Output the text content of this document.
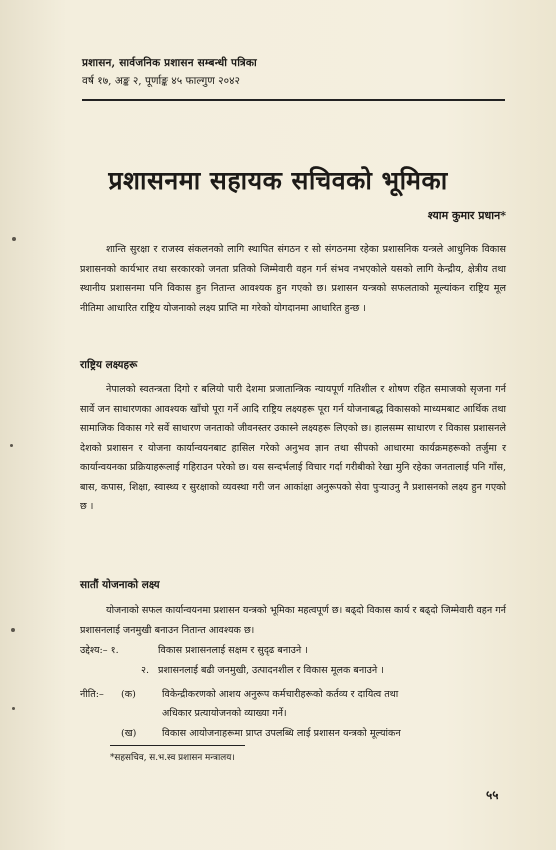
प्रशासन, सार्वजनिक प्रशासन सम्बन्धी पत्रिका
वर्ष १७, अङ्क २, पूर्णाङ्क ४५ फाल्गुण २०४२
प्रशासनमा सहायक सचिवको भूमिका
श्याम कुमार प्रधान*
शान्ति सुरक्षा र राजस्व संकलनको लागि स्थापित संगठन र सो संगठनमा रहेका प्रशासनिक यन्त्रले आधुनिक विकास प्रशासनको कार्यभार तथा सरकारको जनता प्रतिको जिम्मेवारी वहन गर्न संभव नभएकोले यसको लागि केन्द्रीय, क्षेत्रीय तथा स्थानीय प्रशासनमा पनि विकास हुन नितान्त आवश्यक हुन गएको छ। प्रशासन यन्त्रको सफलताको मूल्यांकन राष्ट्रिय मूल नीतिमा आधारित राष्ट्रिय योजनाको लक्ष्य प्राप्ति मा गरेको योगदानमा आधारित हुन्छ ।
राष्ट्रिय लक्ष्यहरू
नेपालको स्वतन्त्रता दिगो र बलियो पारी देशमा प्रजातान्त्रिक न्यायपूर्ण गतिशील र शोषण रहित समाजको सृजना गर्न सार्वे जन साधारणका आवश्यक खाँचो पूरा गर्ने आदि राष्ट्रिय लक्ष्यहरू पूरा गर्न योजनाबद्ध विकासको माध्यमबाट आर्थिक तथा सामाजिक विकास गरे सर्वे साधारण जनताको जीवनस्तर उकास्ने लक्ष्यहरू लिएको छ। हालसम्म साधारण र विकास प्रशासनले देशको प्रशासन र योजना कार्यान्वयनबाट हासिल गरेको अनुभव ज्ञान तथा सीपको आधारमा कार्यक्रमहरूको तर्जुमा र कार्यान्वयनका प्रक्रियाहरूलाई गहिराउन परेको छ। यस सन्दर्भलाई विचार गर्दा गरीबीको रेखा मुनि रहेका जनतालाई पनि गाँस, बास, कपास, शिक्षा, स्वास्थ्य र सुरक्षाको व्यवस्था गरी जन आकांक्षा अनुरूपको सेवा पुऱ्याउनु नै प्रशासनको लक्ष्य हुन गएको छ ।
सातौं योजनाको लक्ष्य
योजनाको सफल कार्यान्वयनमा प्रशासन यन्त्रको भूमिका महत्वपूर्ण छ। बढ्दो विकास कार्य र बढ्दो जिम्मेवारी वहन गर्न प्रशासनलाई जनमुखी बनाउन नितान्त आवश्यक छ।
उद्देश्य:– १.	विकास प्रशासनलाई सक्षम र सुदृढ बनाउने ।
२. प्रशासनलाई बढी जनमुखी, उत्पादनशील र विकास मूलक बनाउने ।
नीति:– (क)	विकेन्द्रीकरणको आशय अनुरूप कर्मचारीहरूको कर्तव्य र दायित्व तथा
अधिकार प्रत्यायोजनको व्याख्या गर्ने।
(ख)	विकास आयोजनाहरूमा प्राप्त उपलब्धि लाई प्रशासन यन्त्रको मूल्यांकन
*सहसचिव, स.भ.स्व प्रशासन मन्त्रालय।
५५
